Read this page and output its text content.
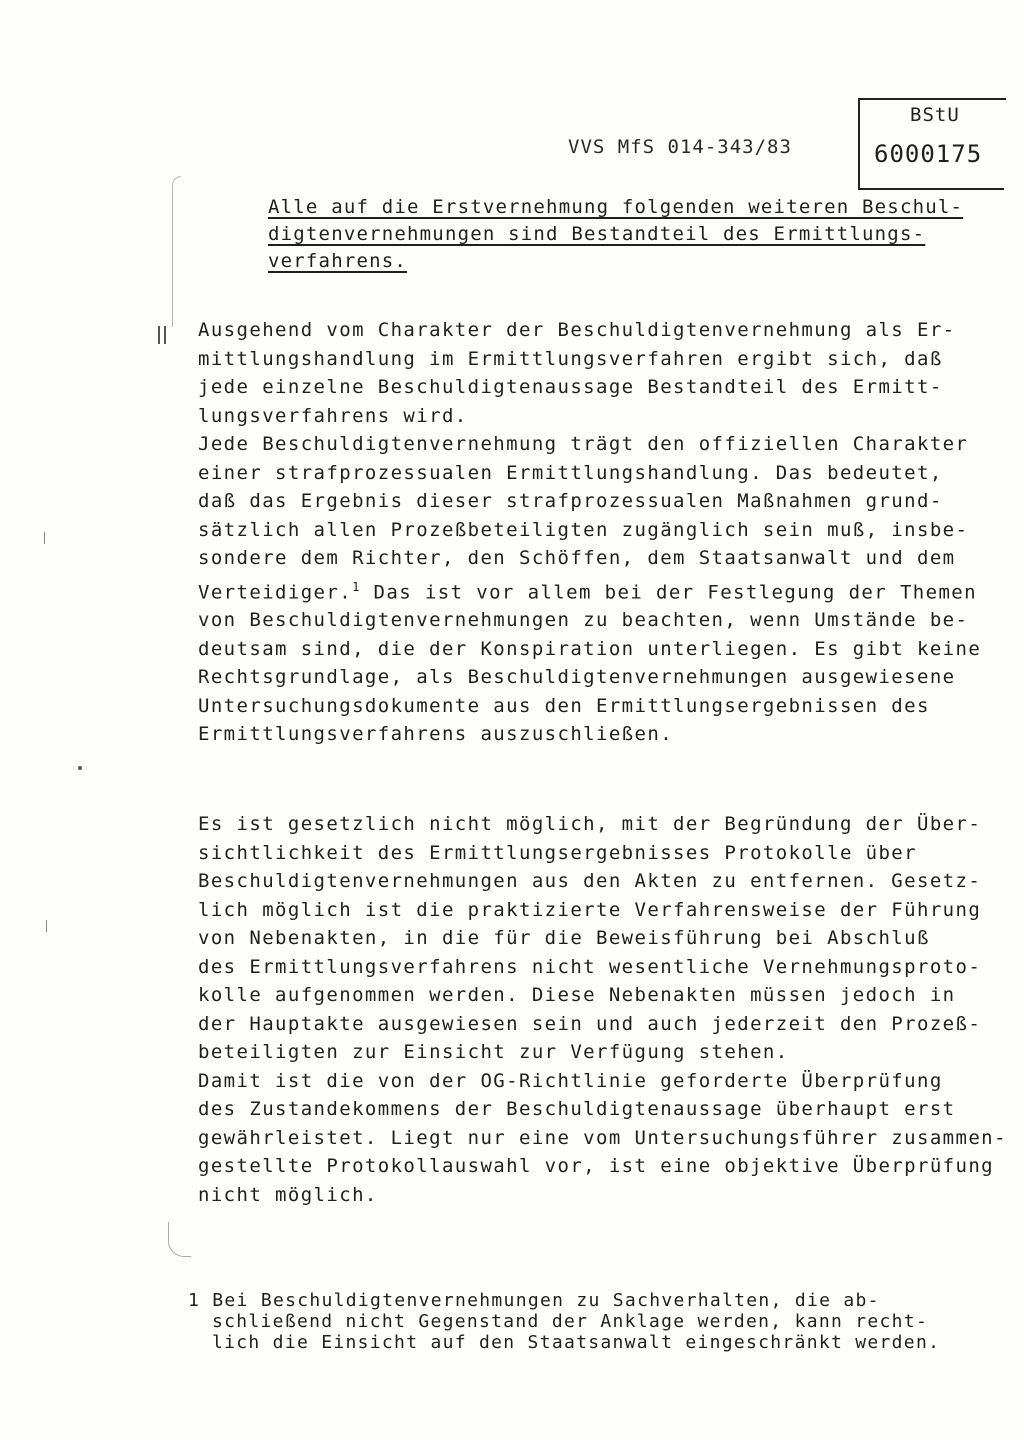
VVS MfS 014-343/83
BStU
6000175
Alle auf die Erstvernehmung folgenden weiteren Beschul-
digtenvernehmungen sind Bestandteil des Ermittlungs-
verfahrens.
Ausgehend vom Charakter der Beschuldigtenvernehmung als Er-
mittlungshandlung im Ermittlungsverfahren ergibt sich, daß
jede einzelne Beschuldigtenaussage Bestandteil des Ermitt-
lungsverfahrens wird.
Jede Beschuldigtenvernehmung trägt den offiziellen Charakter
einer strafprozessualen Ermittlungshandlung. Das bedeutet,
daß das Ergebnis dieser strafprozessualen Maßnahmen grund-
sätzlich allen Prozeßbeteiligten zugänglich sein muß, insbe-
sondere dem Richter, den Schöffen, dem Staatsanwalt und dem
Verteidiger.$^1$ Das ist vor allem bei der Festlegung der Themen
von Beschuldigtenvernehmungen zu beachten, wenn Umstände be-
deutsam sind, die der Konspiration unterliegen. Es gibt keine
Rechtsgrundlage, als Beschuldigtenvernehmungen ausgewiesene
Untersuchungsdokumente aus den Ermittlungsergebnissen des
Ermittlungsverfahrens auszuschließen.
Es ist gesetzlich nicht möglich, mit der Begründung der Über-
sichtlichkeit des Ermittlungsergebnisses Protokolle über
Beschuldigtenvernehmungen aus den Akten zu entfernen. Gesetz-
lich möglich ist die praktizierte Verfahrensweise der Führung
von Nebenakten, in die für die Beweisführung bei Abschluß
des Ermittlungsverfahrens nicht wesentliche Vernehmungsproto-
kolle aufgenommen werden. Diese Nebenakten müssen jedoch in
der Hauptakte ausgewiesen sein und auch jederzeit den Prozeß-
beteiligten zur Einsicht zur Verfügung stehen.
Damit ist die von der OG-Richtlinie geforderte Überprüfung
des Zustandekommens der Beschuldigtenaussage überhaupt erst
gewährleistet. Liegt nur eine vom Untersuchungsführer zusammen-
gestellte Protokollauswahl vor, ist eine objektive Überprüfung
nicht möglich.
1 Bei Beschuldigtenvernehmungen zu Sachverhalten, die ab-
schließend nicht Gegenstand der Anklage werden, kann recht-
lich die Einsicht auf den Staatsanwalt eingeschränkt werden.
